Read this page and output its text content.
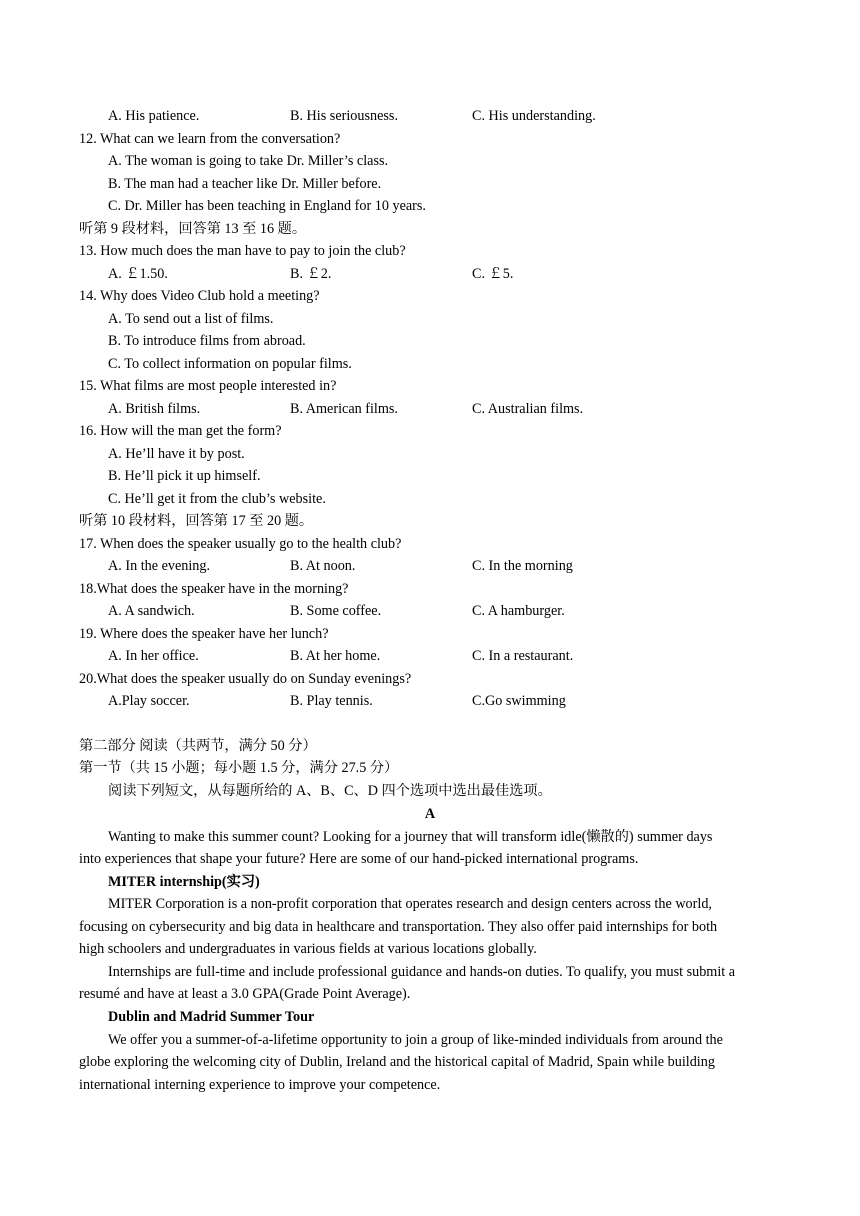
A. His patience.	B. His seriousness.	C. His understanding.
12. What can we learn from the conversation?
A. The woman is going to take Dr. Miller’s class.
B. The man had a teacher like Dr. Miller before.
C. Dr. Miller has been teaching in England for 10 years.
听第 9 段材料，回答第 13 至 16 题。
13. How much does the man have to pay to join the club?
A. ￡1.50.	B. ￡2.	C. ￡5.
14. Why does Video Club hold a meeting?
A. To send out a list of films.
B. To introduce films from abroad.
C. To collect information on popular films.
15. What films are most people interested in?
A. British films.	B. American films.	C. Australian films.
16. How will the man get the form?
A. He’ll have it by post.
B. He’ll pick it up himself.
C. He’ll get it from the club’s website.
听第 10 段材料，回答第 17 至 20 题。
17. When does the speaker usually go to the health club?
A. In the evening.	B. At noon.	C. In the morning
18.What does the speaker have in the morning?
A. A sandwich.	B. Some coffee.	C. A hamburger.
19. Where does the speaker have her lunch?
A. In her office.	B. At her home.	C. In a restaurant.
20.What does the speaker usually do on Sunday evenings?
A.Play soccer.	B. Play tennis.	C.Go swimming
第二部分 阅读（共两节，满分 50 分）
第一节（共 15 小题；每小题 1.5 分，满分 27.5 分）
阅读下列短文，从每题所给的 A、B、C、D 四个选项中选出最佳选项。
A
Wanting to make this summer count? Looking for a journey that will transform idle(懒散的) summer days
into experiences that shape your future? Here are some of our hand-picked international programs.
MITER internship(实习)
MITER Corporation is a non-profit corporation that operates research and design centers across the world,
focusing on cybersecurity and big data in healthcare and transportation. They also offer paid internships for both
high schoolers and undergraduates in various fields at various locations globally.
Internships are full-time and include professional guidance and hands-on duties. To qualify, you must submit a
resumé and have at least a 3.0 GPA(Grade Point Average).
Dublin and Madrid Summer Tour
We offer you a summer-of-a-lifetime opportunity to join a group of like-minded individuals from around the
globe exploring the welcoming city of Dublin, Ireland and the historical capital of Madrid, Spain while building
international interning experience to improve your competence.
